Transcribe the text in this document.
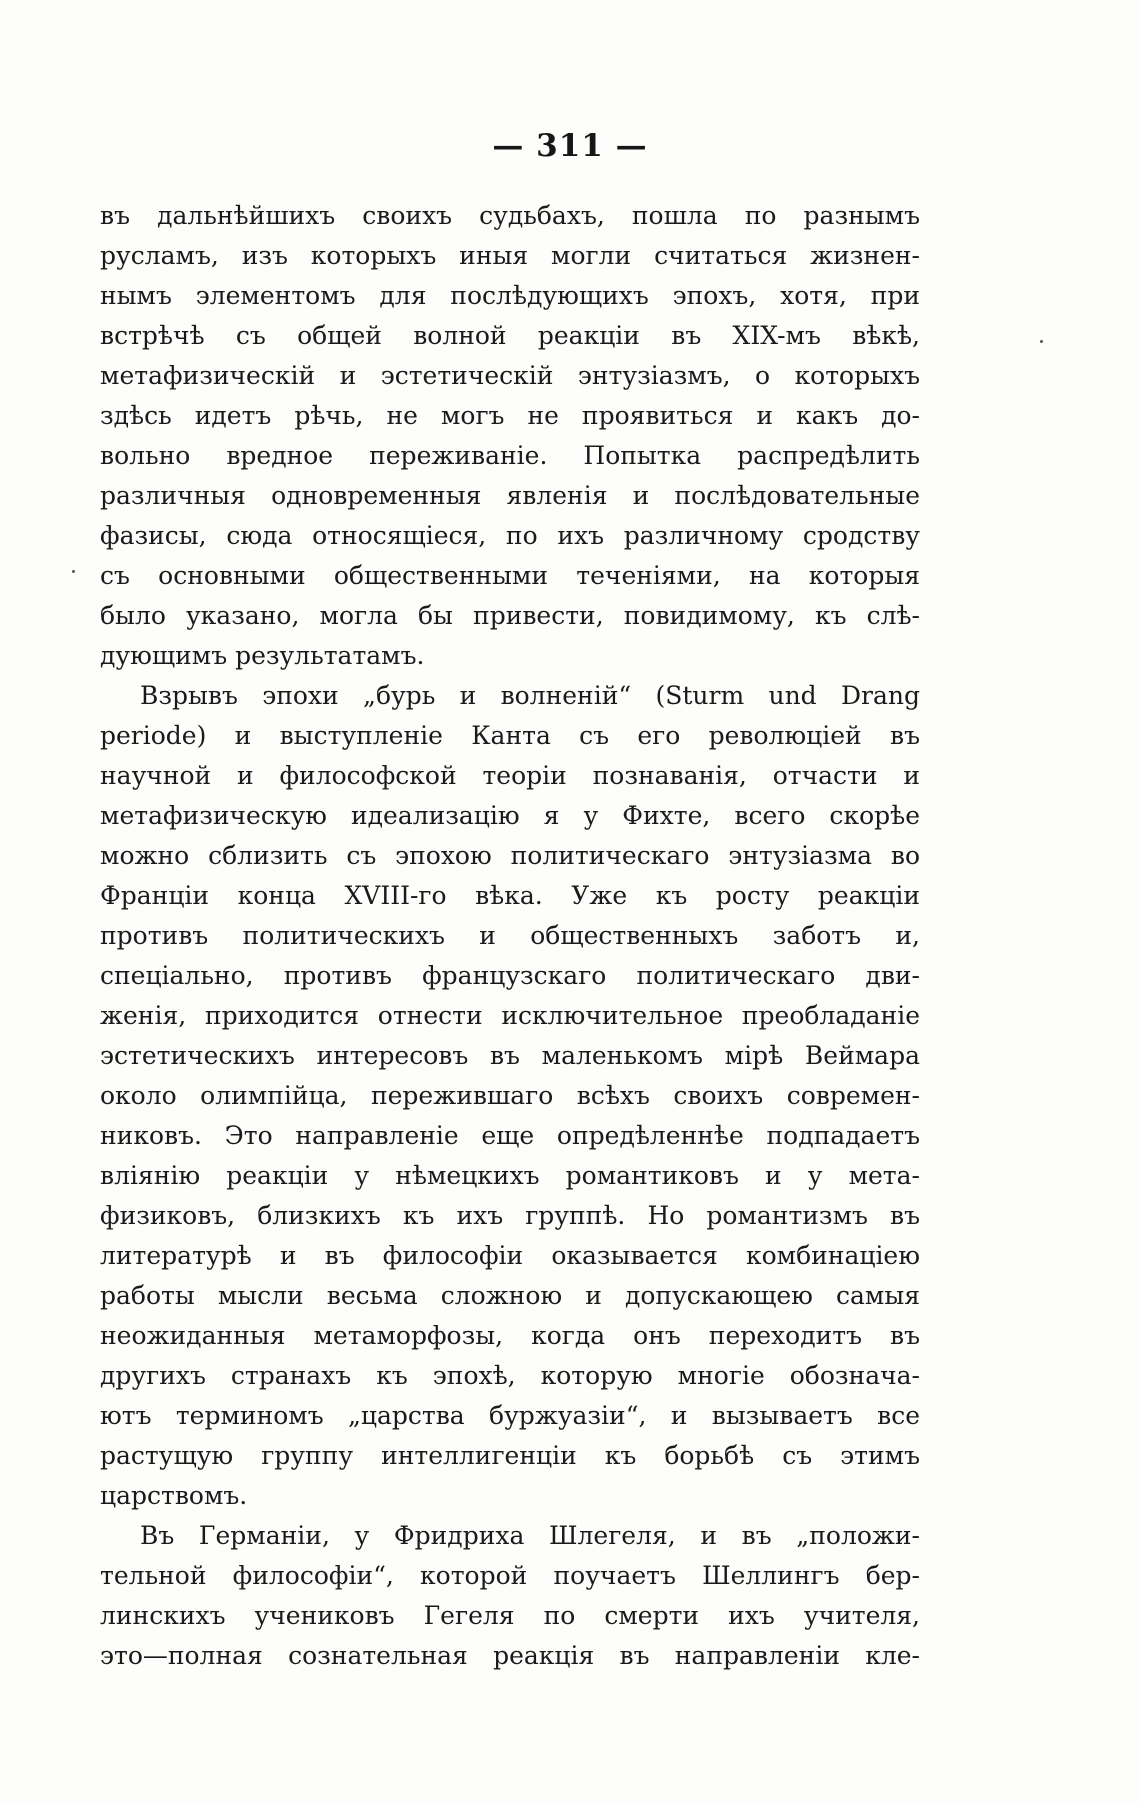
— 311 —
въ дальнѣйшихъ своихъ судьбахъ, пошла по разнымъ
русламъ, изъ которыхъ иныя могли считаться жизнен-
нымъ элементомъ для послѣдующихъ эпохъ, хотя, при
встрѣчѣ съ общей волной реакціи въ XIX-мъ вѣкѣ,
метафизическій и эстетическій энтузіазмъ, о которыхъ
здѣсь идетъ рѣчь, не могъ не проявиться и какъ до-
вольно вредное переживаніе. Попытка распредѣлить
различныя одновременныя явленія и послѣдовательные
фазисы, сюда относящіеся, по ихъ различному сродству
съ основными общественными теченіями, на которыя
было указано, могла бы привести, повидимому, къ слѣ-
дующимъ результатамъ.
Взрывъ эпохи „бурь и волненій“ (Sturm und Drang
periode) и выступленіе Канта съ его революціей въ
научной и философской теоріи познаванія, отчасти и
метафизическую идеализацію я у Фихте, всего скорѣе
можно сблизить съ эпохою политическаго энтузіазма во
Франціи конца XVIII-го вѣка. Уже къ росту реакціи
противъ политическихъ и общественныхъ заботъ и,
спеціально, противъ французскаго политическаго дви-
женія, приходится отнести исключительное преобладаніе
эстетическихъ интересовъ въ маленькомъ мірѣ Веймара
около олимпійца, пережившаго всѣхъ своихъ современ-
никовъ. Это направленіе еще опредѣленнѣе подпадаетъ
вліянію реакціи у нѣмецкихъ романтиковъ и у мета-
физиковъ, близкихъ къ ихъ группѣ. Но романтизмъ въ
литературѣ и въ философіи оказывается комбинаціею
работы мысли весьма сложною и допускающею самыя
неожиданныя метаморфозы, когда онъ переходитъ въ
другихъ странахъ къ эпохѣ, которую многіе обознача-
ютъ терминомъ „царства буржуазіи“, и вызываетъ все
растущую группу интеллигенціи къ борьбѣ съ этимъ
царствомъ.
Въ Германіи, у Фридриха Шлегеля, и въ „положи-
тельной философіи“, которой поучаетъ Шеллингъ бер-
линскихъ учениковъ Гегеля по смерти ихъ учителя,
это—полная сознательная реакція въ направленіи кле-
